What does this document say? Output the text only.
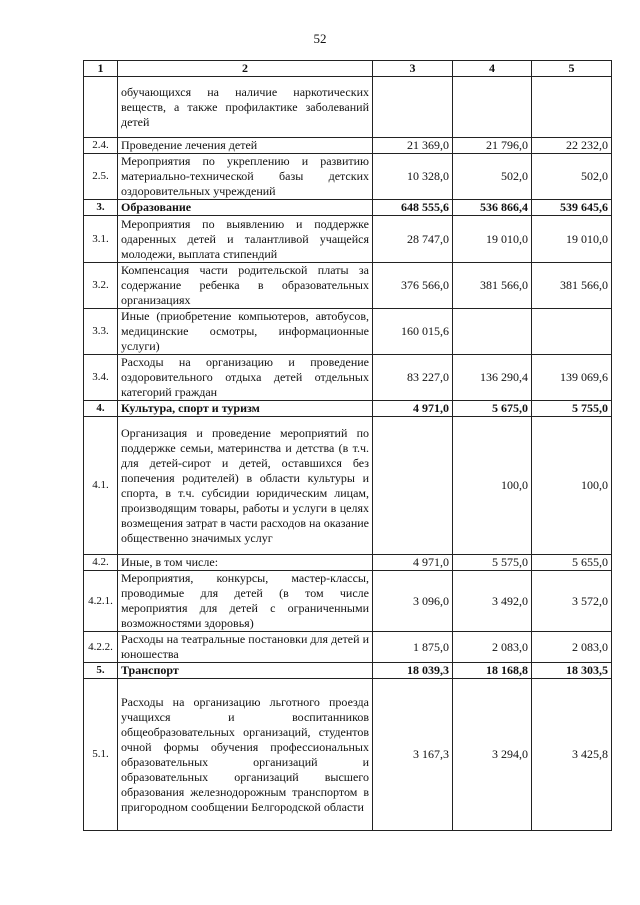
52
1	2	3	4	5
	обучающихся на наличие наркотических веществ, а также профилактике заболеваний детей			
2.4.	Проведение лечения детей	21 369,0	21 796,0	22 232,0
2.5.	Мероприятия по укреплению и развитию материально-технической базы детских оздоровительных учреждений	10 328,0	502,0	502,0
3.	Образование	648 555,6	536 866,4	539 645,6
3.1.	Мероприятия по выявлению и поддержке одаренных детей и талантливой учащейся молодежи, выплата стипендий	28 747,0	19 010,0	19 010,0
3.2.	Компенсация части родительской платы за содержание ребенка в образовательных организациях	376 566,0	381 566,0	381 566,0
3.3.	Иные (приобретение компьютеров, автобусов, медицинские осмотры, информационные услуги)	160 015,6		
3.4.	Расходы на организацию и проведение оздоровительного отдыха детей отдельных категорий граждан	83 227,0	136 290,4	139 069,6
4.	Культура, спорт и туризм	4 971,0	5 675,0	5 755,0
4.1.	Организация и проведение мероприятий по поддержке семьи, материнства и детства (в т.ч. для детей-сирот и детей, оставшихся без попечения родителей) в области культуры и спорта, в т.ч. субсидии юридическим лицам, производящим товары, работы и услуги в целях возмещения затрат в части расходов на оказание общественно значимых услуг		100,0	100,0
4.2.	Иные, в том числе:	4 971,0	5 575,0	5 655,0
4.2.1.	Мероприятия, конкурсы, мастер-классы, проводимые для детей (в том числе мероприятия для детей с ограниченными возможностями здоровья)	3 096,0	3 492,0	3 572,0
4.2.2.	Расходы на театральные постановки для детей и юношества	1 875,0	2 083,0	2 083,0
5.	Транспорт	18 039,3	18 168,8	18 303,5
5.1.	Расходы на организацию льготного проезда учащихся и воспитанников общеобразовательных организаций, студентов очной формы обучения профессиональных образовательных организаций и образовательных организаций высшего образования железнодорожным транспортом в пригородном сообщении Белгородской области	3 167,3	3 294,0	3 425,8
